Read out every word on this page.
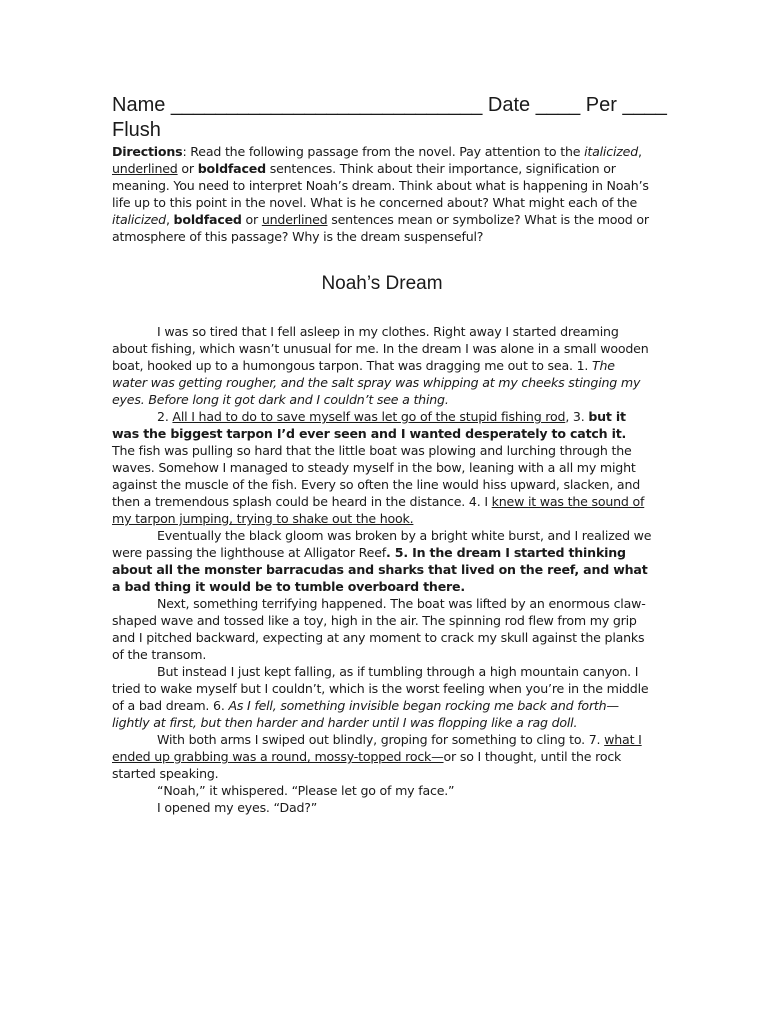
Name ____________________________ Date ____ Per ____
Flush

Directions: Read the following passage from the novel. Pay attention to the italicized, underlined or boldfaced sentences. Think about their importance, signification or meaning. You need to interpret Noah’s dream. Think about what is happening in Noah’s life up to this point in the novel. What is he concerned about? What might each of the italicized, boldfaced or underlined sentences mean or symbolize? What is the mood or atmosphere of this passage? Why is the dream suspenseful?

Noah’s Dream

I was so tired that I fell asleep in my clothes. Right away I started dreaming about fishing, which wasn’t unusual for me. In the dream I was alone in a small wooden boat, hooked up to a humongous tarpon. That was dragging me out to sea. 1. The water was getting rougher, and the salt spray was whipping at my cheeks stinging my eyes. Before long it got dark and I couldn’t see a thing.

2. All I had to do to save myself was let go of the stupid fishing rod, 3. but it was the biggest tarpon I’d ever seen and I wanted desperately to catch it. The fish was pulling so hard that the little boat was plowing and lurching through the waves. Somehow I managed to steady myself in the bow, leaning with a all my might against the muscle of the fish. Every so often the line would hiss upward, slacken, and then a tremendous splash could be heard in the distance. 4. I knew it was the sound of my tarpon jumping, trying to shake out the hook.

Eventually the black gloom was broken by a bright white burst, and I realized we were passing the lighthouse at Alligator Reef. 5. In the dream I started thinking about all the monster barracudas and sharks that lived on the reef, and what a bad thing it would be to tumble overboard there.

Next, something terrifying happened. The boat was lifted by an enormous claw-shaped wave and tossed like a toy, high in the air. The spinning rod flew from my grip and I pitched backward, expecting at any moment to crack my skull against the planks of the transom.

But instead I just kept falling, as if tumbling through a high mountain canyon. I tried to wake myself but I couldn’t, which is the worst feeling when you’re in the middle of a bad dream. 6. As I fell, something invisible began rocking me back and forth—lightly at first, but then harder and harder until I was flopping like a rag doll.

With both arms I swiped out blindly, groping for something to cling to. 7. what I ended up grabbing was a round, mossy-topped rock—or so I thought, until the rock started speaking.

“Noah,” it whispered. “Please let go of my face.”

I opened my eyes. “Dad?”
